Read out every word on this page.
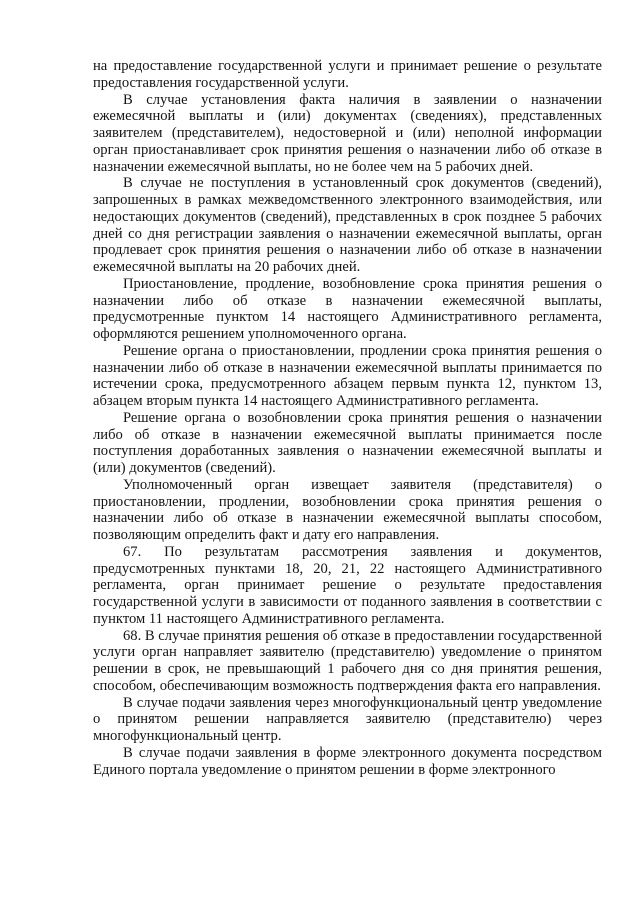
на предоставление государственной услуги и принимает решение о результате предоставления государственной услуги.

В случае установления факта наличия в заявлении о назначении ежемесячной выплаты и (или) документах (сведениях), представленных заявителем (представителем), недостоверной и (или) неполной информации орган приостанавливает срок принятия решения о назначении либо об отказе в назначении ежемесячной выплаты, но не более чем на 5 рабочих дней.

В случае не поступления в установленный срок документов (сведений), запрошенных в рамках межведомственного электронного взаимодействия, или недостающих документов (сведений), представленных в срок позднее 5 рабочих дней со дня регистрации заявления о назначении ежемесячной выплаты, орган продлевает срок принятия решения о назначении либо об отказе в назначении ежемесячной выплаты на 20 рабочих дней.

Приостановление, продление, возобновление срока принятия решения о назначении либо об отказе в назначении ежемесячной выплаты, предусмотренные пунктом 14 настоящего Административного регламента, оформляются решением уполномоченного органа.

Решение органа о приостановлении, продлении срока принятия решения о назначении либо об отказе в назначении ежемесячной выплаты принимается по истечении срока, предусмотренного абзацем первым пункта 12, пунктом 13, абзацем вторым пункта 14 настоящего Административного регламента.

Решение органа о возобновлении срока принятия решения о назначении либо об отказе в назначении ежемесячной выплаты принимается после поступления доработанных заявления о назначении ежемесячной выплаты и (или) документов (сведений).

Уполномоченный орган извещает заявителя (представителя) о приостановлении, продлении, возобновлении срока принятия решения о назначении либо об отказе в назначении ежемесячной выплаты способом, позволяющим определить факт и дату его направления.

67. По результатам рассмотрения заявления и документов, предусмотренных пунктами 18, 20, 21, 22 настоящего Административного регламента, орган принимает решение о результате предоставления государственной услуги в зависимости от поданного заявления в соответствии с пунктом 11 настоящего Административного регламента.

68. В случае принятия решения об отказе в предоставлении государственной услуги орган направляет заявителю (представителю) уведомление о принятом решении в срок, не превышающий 1 рабочего дня со дня принятия решения, способом, обеспечивающим возможность подтверждения факта его направления.

В случае подачи заявления через многофункциональный центр уведомление о принятом решении направляется заявителю (представителю) через многофункциональный центр.

В случае подачи заявления в форме электронного документа посредством Единого портала уведомление о принятом решении в форме электронного
